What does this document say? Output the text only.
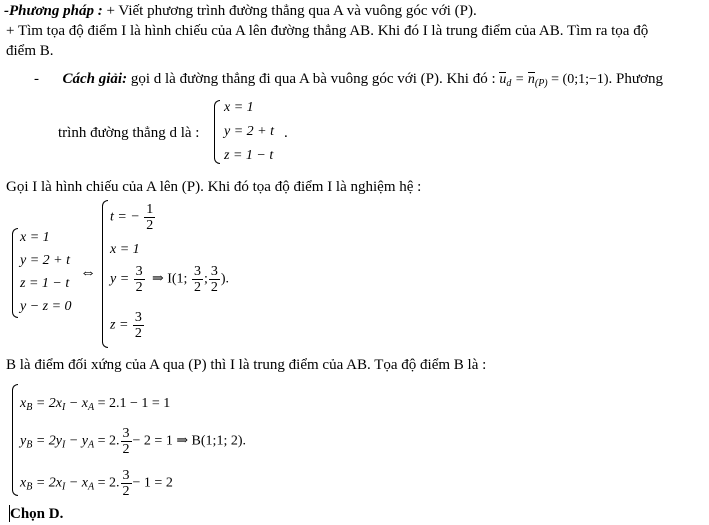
-Phương pháp : + Viết phương trình đường thẳng qua A và vuông góc với (P).
+ Tìm tọa độ điểm I là hình chiếu của A lên đường thẳng AB. Khi đó I là trung điểm của AB. Tìm ra tọa độ
điểm B.
- Cách giải: gọi d là đường thẳng đi qua A bà vuông góc với (P). Khi đó : $u_d = n_{(P)}$ = (0;1;−1). Phương
trình đường thẳng d là :
x = 1
y = 2 + t
z = 1 − t
.
Gọi I là hình chiếu của A lên (P). Khi đó tọa độ điểm I là nghiệm hệ :
x = 1
y = 2 + t
z = 1 − t
y − z = 0
⇔
t = − $\frac{1}{2}$
x = 1
$y = \frac{3}{2}$
$z = \frac{3}{2}$
⇒ I(1; $\frac{3}{2}$ ; $\frac{3}{2}$ ).
B là điểm đối xứng của A qua (P) thì I là trung điểm của AB. Tọa độ điểm B là :
$x_B = 2x_I - x_A = 2.1 - 1 = 1$
$y_B = 2y_I - y_A = 2$. $\frac{3}{2} - 2 = 1$ ⇒ B(1;1; 2).
$x_B = 2x_I - x_A = 2$. $\frac{3}{2} - 1 = 2$
Chọn D.
